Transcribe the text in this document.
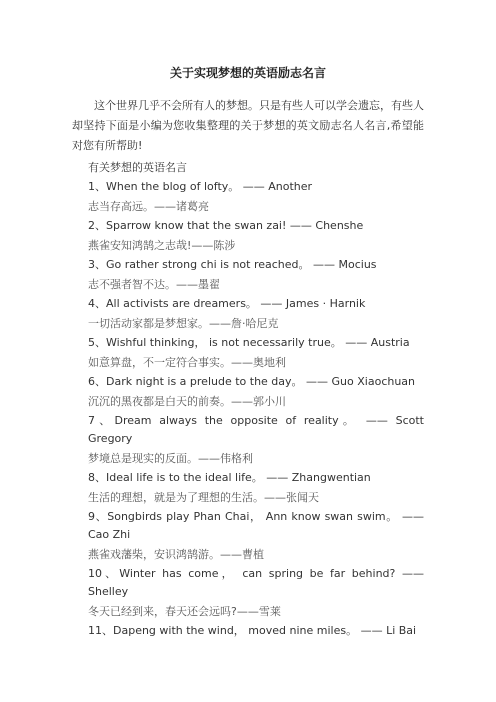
关于实现梦想的英语励志名言

这个世界几乎不会所有人的梦想。只是有些人可以学会遗忘，有些人却坚持下面是小编为您收集整理的关于梦想的英文励志名人名言,希望能对您有所帮助!

有关梦想的英语名言

1、When the blog of lofty。 —— Another

志当存高远。——诸葛亮

2、Sparrow know that the swan zai! —— Chenshe

燕雀安知鸿鹄之志哉!——陈涉

3、Go rather strong chi is not reached。 —— Mocius

志不强者智不达。——墨翟

4、All activists are dreamers。 —— James · Harnik

一切活动家都是梦想家。——詹·哈尼克

5、Wishful thinking， is not necessarily true。 —— Austria

如意算盘，不一定符合事实。——奥地利

6、Dark night is a prelude to the day。 —— Guo Xiaochuan

沉沉的黑夜都是白天的前奏。——郭小川

7、Dream always the opposite of reality。 —— Scott Gregory

梦境总是现实的反面。——伟格利

8、Ideal life is to the ideal life。 —— Zhangwentian

生活的理想，就是为了理想的生活。——张闻天

9、Songbirds play Phan Chai， Ann know swan swim。 —— Cao Zhi

燕雀戏藩柴，安识鸿鹄游。——曹植

10、Winter has come， can spring be far behind? —— Shelley

冬天已经到来，春天还会远吗?——雪莱

11、Dapeng with the wind， moved nine miles。 —— Li Bai
